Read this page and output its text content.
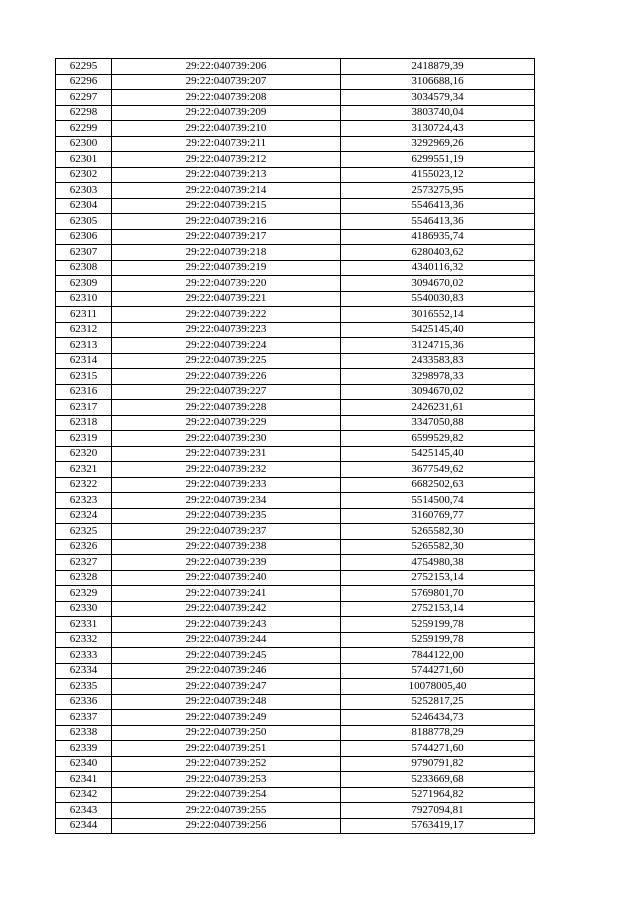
62295	29:22:040739:206	2418879,39
62296	29:22:040739:207	3106688,16
62297	29:22:040739:208	3034579,34
62298	29:22:040739:209	3803740,04
62299	29:22:040739:210	3130724,43
62300	29:22:040739:211	3292969,26
62301	29:22:040739:212	6299551,19
62302	29:22:040739:213	4155023,12
62303	29:22:040739:214	2573275,95
62304	29:22:040739:215	5546413,36
62305	29:22:040739:216	5546413,36
62306	29:22:040739:217	4186935,74
62307	29:22:040739:218	6280403,62
62308	29:22:040739:219	4340116,32
62309	29:22:040739:220	3094670,02
62310	29:22:040739:221	5540030,83
62311	29:22:040739:222	3016552,14
62312	29:22:040739:223	5425145,40
62313	29:22:040739:224	3124715,36
62314	29:22:040739:225	2433583,83
62315	29:22:040739:226	3298978,33
62316	29:22:040739:227	3094670,02
62317	29:22:040739:228	2426231,61
62318	29:22:040739:229	3347050,88
62319	29:22:040739:230	6599529,82
62320	29:22:040739:231	5425145,40
62321	29:22:040739:232	3677549,62
62322	29:22:040739:233	6682502,63
62323	29:22:040739:234	5514500,74
62324	29:22:040739:235	3160769,77
62325	29:22:040739:237	5265582,30
62326	29:22:040739:238	5265582,30
62327	29:22:040739:239	4754980,38
62328	29:22:040739:240	2752153,14
62329	29:22:040739:241	5769801,70
62330	29:22:040739:242	2752153,14
62331	29:22:040739:243	5259199,78
62332	29:22:040739:244	5259199,78
62333	29:22:040739:245	7844122,00
62334	29:22:040739:246	5744271,60
62335	29:22:040739:247	10078005,40
62336	29:22:040739:248	5252817,25
62337	29:22:040739:249	5246434,73
62338	29:22:040739:250	8188778,29
62339	29:22:040739:251	5744271,60
62340	29:22:040739:252	9790791,82
62341	29:22:040739:253	5233669,68
62342	29:22:040739:254	5271964,82
62343	29:22:040739:255	7927094,81
62344	29:22:040739:256	5763419,17
